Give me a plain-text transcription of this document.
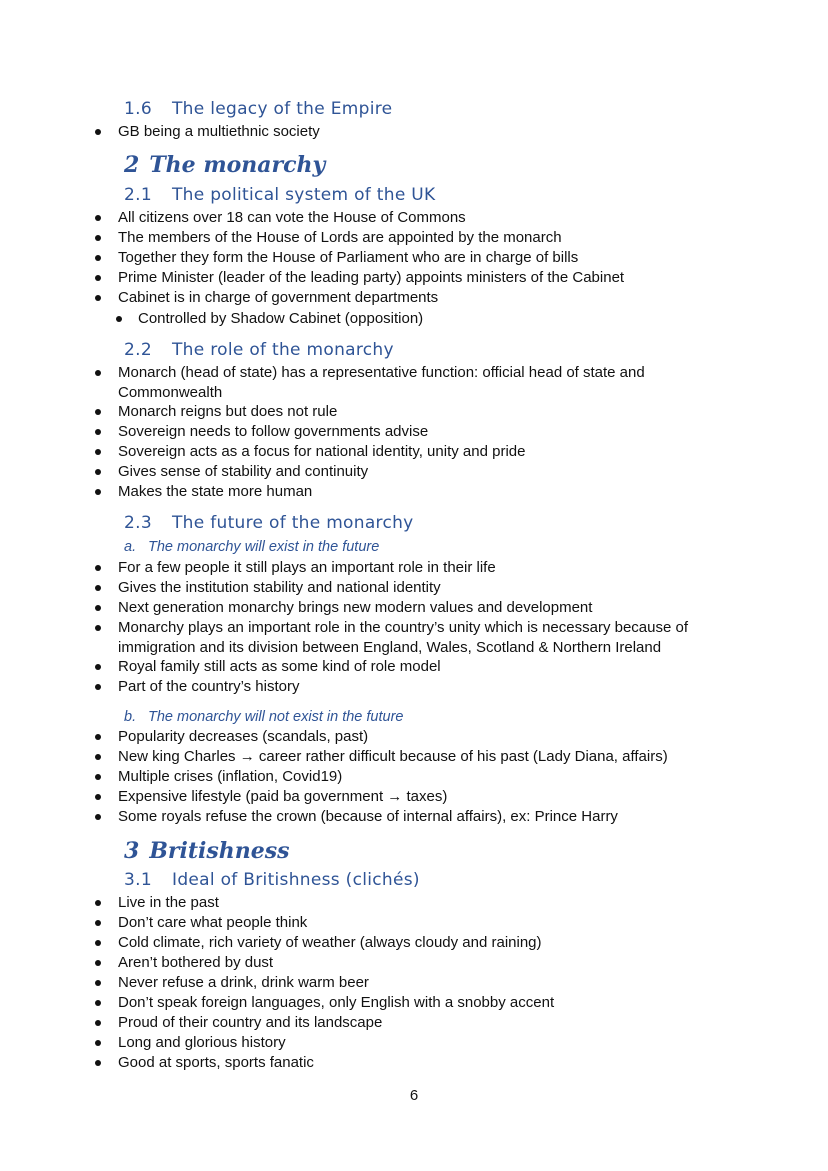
1.6 The legacy of the Empire
GB being a multiethnic society
2 The monarchy
2.1 The political system of the UK
All citizens over 18 can vote the House of Commons
The members of the House of Lords are appointed by the monarch
Together they form the House of Parliament who are in charge of bills
Prime Minister (leader of the leading party) appoints ministers of the Cabinet
Cabinet is in charge of government departments
Controlled by Shadow Cabinet (opposition)
2.2 The role of the monarchy
Monarch (head of state) has a representative function: official head of state and Commonwealth
Monarch reigns but does not rule
Sovereign needs to follow governments advise
Sovereign acts as a focus for national identity, unity and pride
Gives sense of stability and continuity
Makes the state more human
2.3 The future of the monarchy
a. The monarchy will exist in the future
For a few people it still plays an important role in their life
Gives the institution stability and national identity
Next generation monarchy brings new modern values and development
Monarchy plays an important role in the country’s unity which is necessary because of immigration and its division between England, Wales, Scotland & Northern Ireland
Royal family still acts as some kind of role model
Part of the country’s history
b. The monarchy will not exist in the future
Popularity decreases (scandals, past)
New king Charles → career rather difficult because of his past (Lady Diana, affairs)
Multiple crises (inflation, Covid19)
Expensive lifestyle (paid ba government → taxes)
Some royals refuse the crown (because of internal affairs), ex: Prince Harry
3 Britishness
3.1 Ideal of Britishness (clichés)
Live in the past
Don’t care what people think
Cold climate, rich variety of weather (always cloudy and raining)
Aren’t bothered by dust
Never refuse a drink, drink warm beer
Don’t speak foreign languages, only English with a snobby accent
Proud of their country and its landscape
Long and glorious history
Good at sports, sports fanatic
6
